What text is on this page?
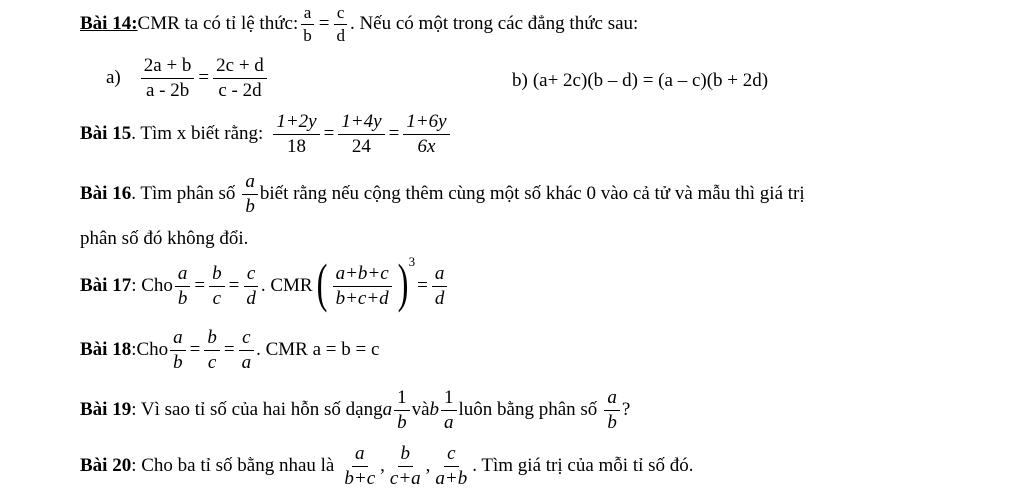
Bài 14: CMR ta có tỉ lệ thức: $\frac{a}{b} = \frac{c}{d}$ . Nếu có một trong các đẳng thức sau:
$a) \frac{2a + b}{a - 2b} = \frac{2c + d}{c - 2d}$	b) (a+ 2c)(b – d) = (a – c)(b + 2d)
Bài 15 . Tìm x biết rằng: $\frac{1+2y}{18} = \frac{1+4y}{24} = \frac{1+6y}{6x}$
Bài 16 . Tìm phân số $\frac{a}{b}$ biết rằng nếu cộng thêm cùng một số khác 0 vào cả tử và mẫu thì giá trị
phân số đó không đổi.
Bài 17 : Cho $\frac{a}{b} = \frac{b}{c} = \frac{c}{d}$ . CMR ( $\frac{a+b+c}{b+c+d}$ ) 3
= $\frac{a}{d}$
Bài 18 :Cho $\frac{a}{b} = \frac{b}{c} = \frac{c}{a}$ . CMR a = b = c
Bài 19 : Vì sao tỉ số của hai hỗn số dạng a $\frac{1}{b}$ và b $\frac{1}{a}$ luôn bằng phân số $\frac{a}{b}$ ?
Bài 20 : Cho ba tỉ số bằng nhau là $\frac{a}{b+c}$ , $\frac{b}{c+a}$ , $\frac{c}{a+b}$ . Tìm giá trị của mỗi tỉ số đó.
